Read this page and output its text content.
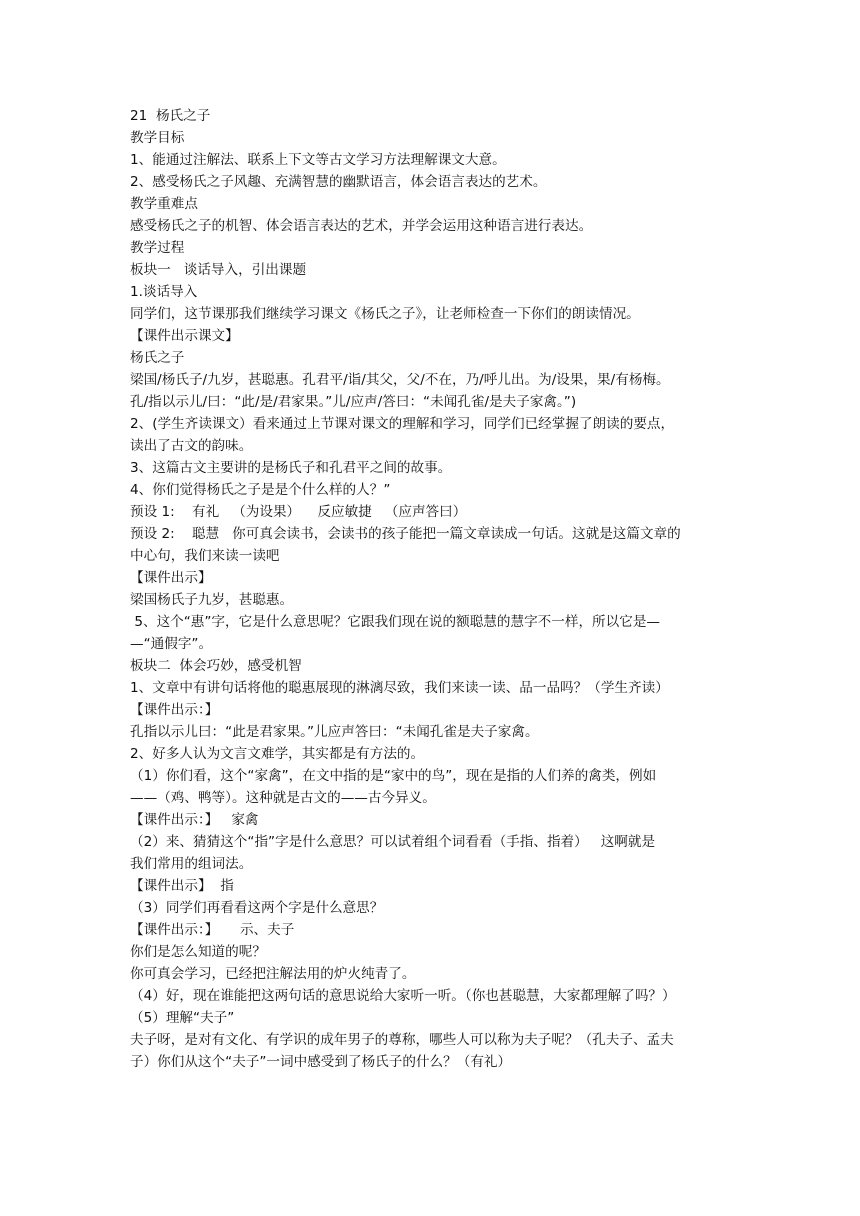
21  杨氏之子
教学目标
1、能通过注解法、联系上下文等古文学习方法理解课文大意。
2、感受杨氏之子风趣、充满智慧的幽默语言，体会语言表达的艺术。
教学重难点
感受杨氏之子的机智、体会语言表达的艺术，并学会运用这种语言进行表达。
教学过程
板块一   谈话导入，引出课题
1.谈话导入
同学们，这节课那我们继续学习课文《杨氏之子》，让老师检查一下你们的朗读情况。
【课件出示课文】
杨氏之子
梁国/杨氏子/九岁，甚聪惠。孔君平/诣/其父，父/不在，乃/呼儿出。为/设果，果/有杨梅。
孔/指以示儿/曰：“此/是/君家果。”儿/应声/答曰：“未闻孔雀/是夫子家禽。”)
2、(学生齐读课文）看来通过上节课对课文的理解和学习，同学们已经掌握了朗读的要点，
读出了古文的韵味。
3、这篇古文主要讲的是杨氏子和孔君平之间的故事。
4、你们觉得杨氏之子是是个什么样的人？”
预设 1:    有礼   （为设果）    反应敏捷   （应声答曰）
预设 2:    聪慧   你可真会读书，会读书的孩子能把一篇文章读成一句话。这就是这篇文章的
中心句，我们来读一读吧
【课件出示】
梁国杨氏子九岁，甚聪惠。
5、这个“惠”字，它是什么意思呢？它跟我们现在说的额聪慧的慧字不一样，所以它是—
—“通假字”。
板块二  体会巧妙，感受机智
1、文章中有讲句话将他的聪惠展现的淋漓尽致，我们来读一读、品一品吗？（学生齐读）
【课件出示：】
孔指以示儿曰：“此是君家果。”儿应声答曰：“未闻孔雀是夫子家禽。
2、好多人认为文言文难学，其实都是有方法的。
（1）你们看，这个“家禽”，在文中指的是“家中的鸟”，现在是指的人们养的禽类，例如
——（鸡、鸭等）。这种就是古文的——古今异义。
【课件出示：】   家禽
（2）来、猜猜这个“指”字是什么意思？可以试着组个词看看（手指、指着）   这啊就是
我们常用的组词法。
【课件出示】  指
（3）同学们再看看这两个字是什么意思？
【课件出示：】     示、夫子
你们是怎么知道的呢？
你可真会学习，已经把注解法用的炉火纯青了。
（4）好，现在谁能把这两句话的意思说给大家听一听。（你也甚聪慧，大家都理解了吗？）
（5）理解“夫子”
夫子呀，是对有文化、有学识的成年男子的尊称，哪些人可以称为夫子呢？（孔夫子、孟夫
子）你们从这个“夫子”一词中感受到了杨氏子的什么？（有礼）
